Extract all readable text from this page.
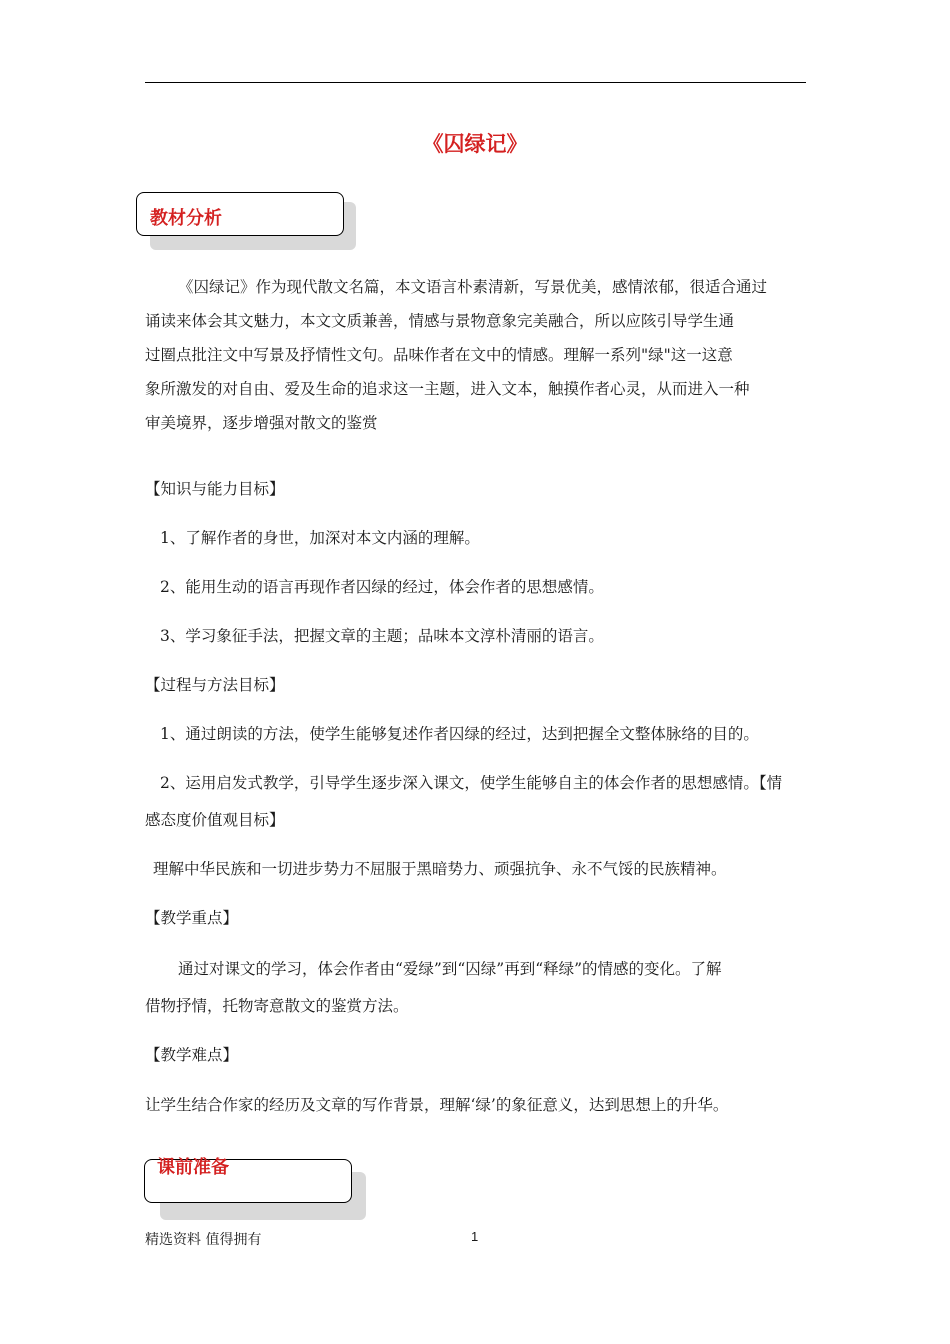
《囚绿记》
教材分析
《囚绿记》作为现代散文名篇，本文语言朴素清新，写景优美，感情浓郁，很适合通过
诵读来体会其文魅力，本文文质兼善，情感与景物意象完美融合，所以应陔引导学生通
过圈点批注文中写景及抒情性文句。品味作者在文中的情感。理解一系列"绿"这一这意
象所激发的对自由、爱及生命的追求这一主题，进入文本，触摸作者心灵，从而进入一种
审美境界，逐步增强对散文的鉴赏
【知识与能力目标】
1、了解作者的身世，加深对本文内涵的理解。
2、能用生动的语言再现作者囚绿的经过，体会作者的思想感情。
3、学习象征手法，把握文章的主题；品味本文淳朴清丽的语言。
【过程与方法目标】
1、通过朗读的方法，使学生能够复述作者囚绿的经过，达到把握全文整体脉络的目的。
2、运用启发式教学，引导学生逐步深入课文，使学生能够自主的体会作者的思想感情。【情
感态度价值观目标】
理解中华民族和一切进步势力不屈服于黑暗势力、顽强抗争、永不气馁的民族精神。
【教学重点】
通过对课文的学习，体会作者由“爱绿”到“囚绿”再到“释绿”的情感的变化。了解
借物抒情，托物寄意散文的鉴赏方法。
【教学难点】
让学生结合作家的经历及文章的写作背景，理解‘绿’的象征意义，达到思想上的升华。
课前准备
精选资料 值得拥有	1
